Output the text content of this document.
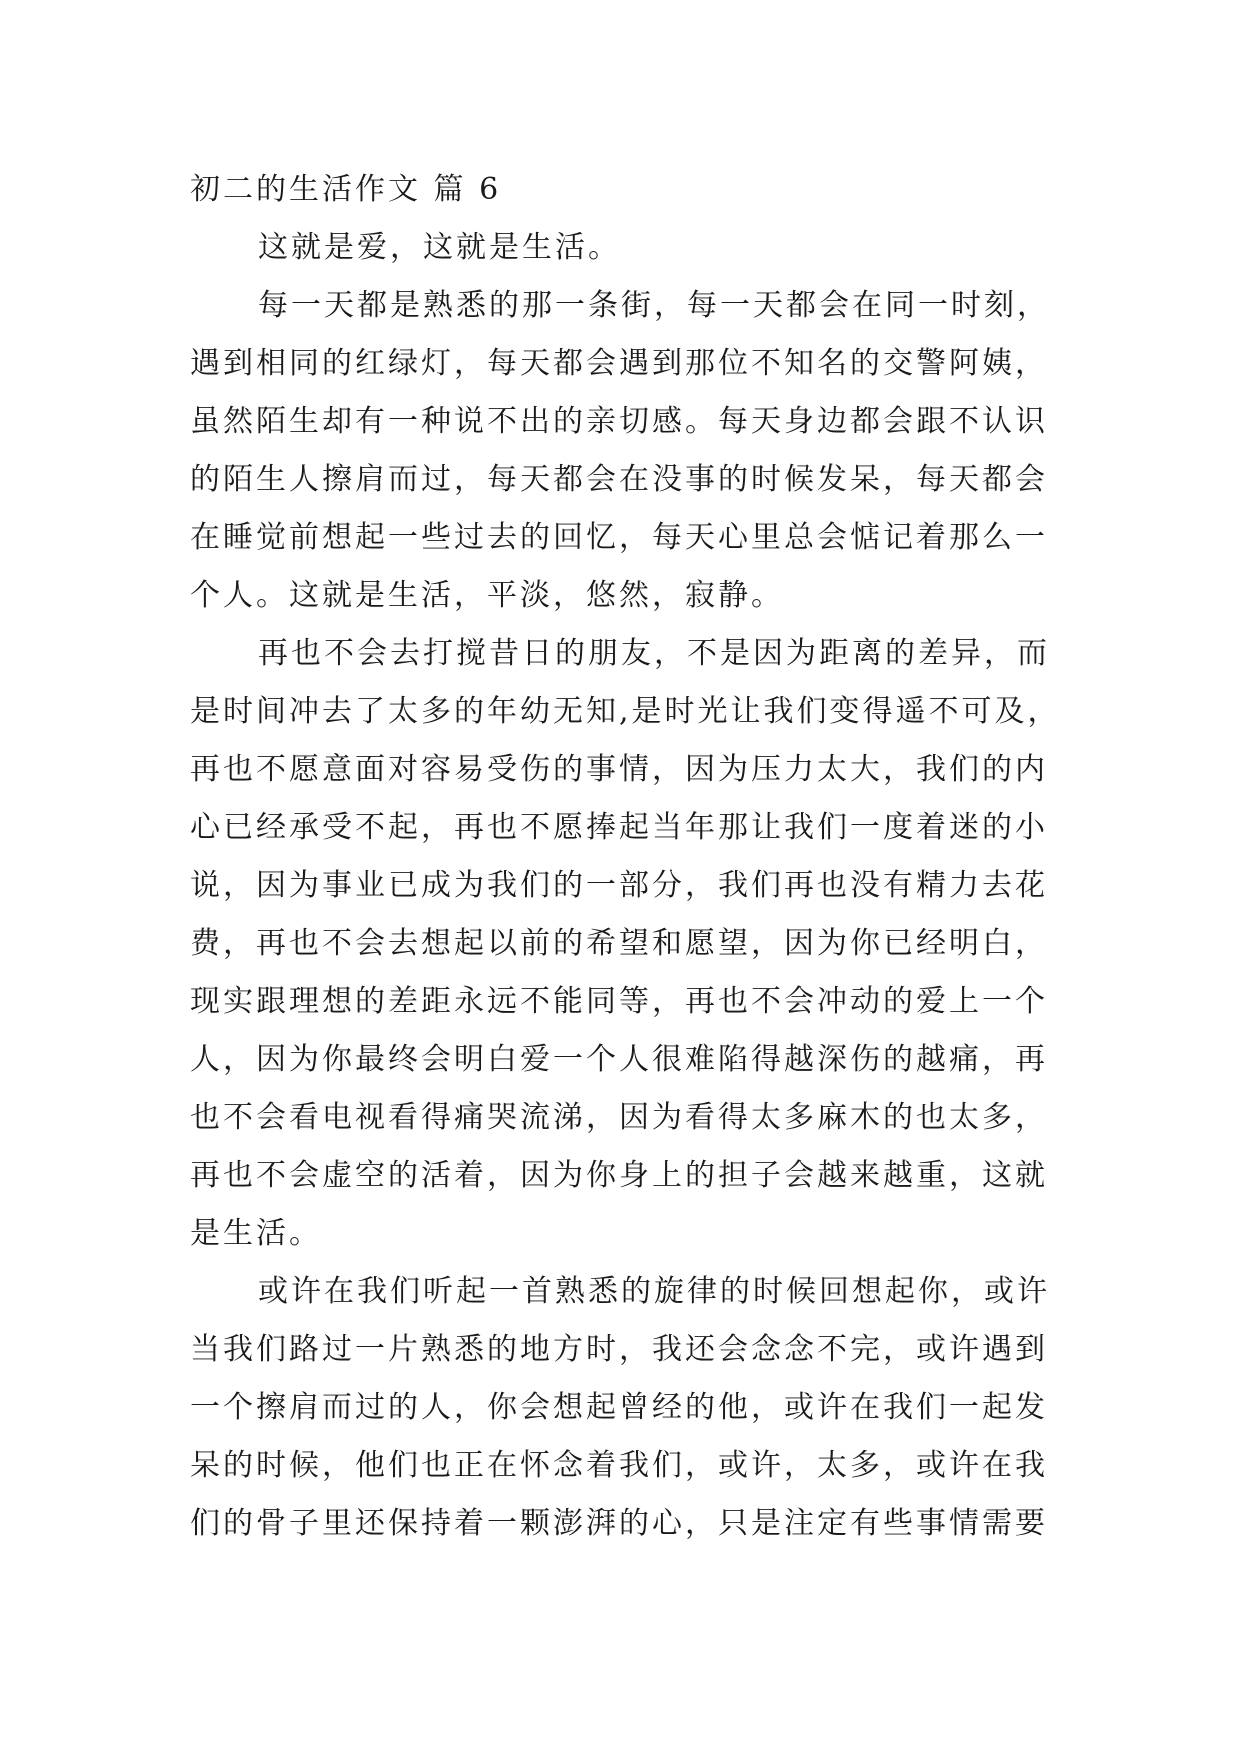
初二的生活作文 篇 6
这就是爱，这就是生活。
每一天都是熟悉的那一条街，每一天都会在同一时刻，
遇到相同的红绿灯，每天都会遇到那位不知名的交警阿姨，
虽然陌生却有一种说不出的亲切感。每天身边都会跟不认识
的陌生人擦肩而过，每天都会在没事的时候发呆，每天都会
在睡觉前想起一些过去的回忆，每天心里总会惦记着那么一
个人。这就是生活，平淡，悠然，寂静。
再也不会去打搅昔日的朋友，不是因为距离的差异，而
是时间冲去了太多的年幼无知,是时光让我们变得遥不可及，
再也不愿意面对容易受伤的事情，因为压力太大，我们的内
心已经承受不起，再也不愿捧起当年那让我们一度着迷的小
说，因为事业已成为我们的一部分，我们再也没有精力去花
费，再也不会去想起以前的希望和愿望，因为你已经明白，
现实跟理想的差距永远不能同等，再也不会冲动的爱上一个
人，因为你最终会明白爱一个人很难陷得越深伤的越痛，再
也不会看电视看得痛哭流涕，因为看得太多麻木的也太多，
再也不会虚空的活着，因为你身上的担子会越来越重，这就
是生活。
或许在我们听起一首熟悉的旋律的时候回想起你，或许
当我们路过一片熟悉的地方时，我还会念念不完，或许遇到
一个擦肩而过的人，你会想起曾经的他，或许在我们一起发
呆的时候，他们也正在怀念着我们，或许，太多，或许在我
们的骨子里还保持着一颗澎湃的心，只是注定有些事情需要
